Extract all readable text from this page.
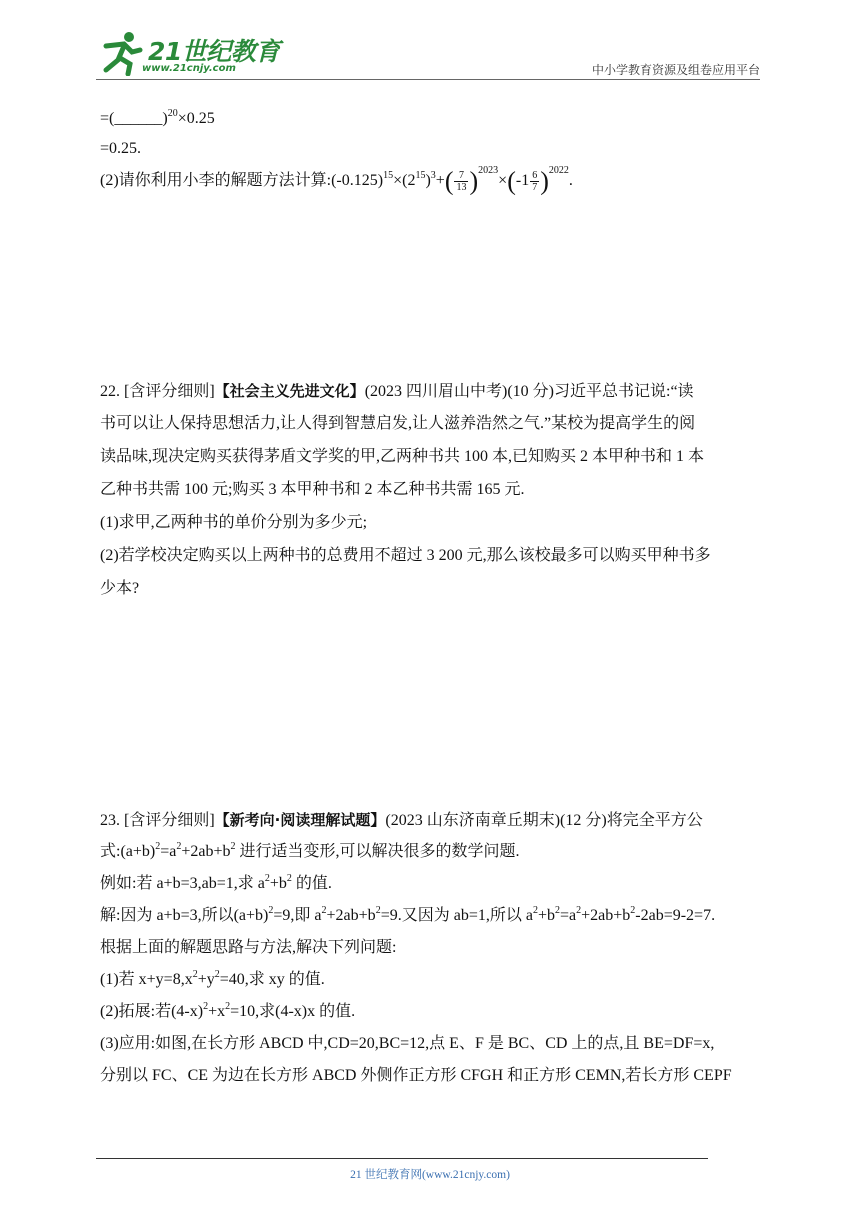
21世纪教育
www.21cnjy.com	中小学教育资源及组卷应用平台
=(______)$^{20}$×0.25
=0.25.
(2)请你利用小李的解题方法计算$:(-0.125)^{15}\times(2^{15})^3+( \frac{7}{13} )^{2023}\times(-1 \frac{6}{7} )^{2022}$.
22. [含评分细则]【社会主义先进文化】(2023 四川眉山中考)(10 分)习近平总书记说:“读
书可以让人保持思想活力,让人得到智慧启发,让人滋养浩然之气.”某校为提高学生的阅
读品味,现决定购买获得茅盾文学奖的甲,乙两种书共 100 本,已知购买 2 本甲种书和 1 本
乙种书共需 100 元;购买 3 本甲种书和 2 本乙种书共需 165 元.
(1)求甲,乙两种书的单价分别为多少元;
(2)若学校决定购买以上两种书的总费用不超过 3 200 元,那么该校最多可以购买甲种书多
少本?
23. [含评分细则]【新考向·阅读理解试题】(2023 山东济南章丘期末)(12 分)将完全平方公
式$:(a+b)^2=a^2+2ab+b^2$ 进行适当变形,可以解决很多的数学问题.
例如:若 a+b=3,ab=1,求 $a^2+b^2$ 的值.
解:因为 a+b=3,所以$(a+b)^2=9$,即 $a^2+2ab+b^2=9$.又因为 ab=1,所以 $a^2+b^2=a^2+2ab+b^2-2ab=9-2=7$.
根据上面的解题思路与方法,解决下列问题:
(1)若 $x+y=8,x^2+y^2=40$,求 xy 的值.
(2)拓展:若$(4-x)^2+x^2=10$,求(4-x)x 的值.
(3)应用:如图,在长方形 ABCD 中,CD=20,BC=12,点 E、F 是 BC、CD 上的点,且 BE=DF=x,
分别以 FC、CE 为边在长方形 ABCD 外侧作正方形 CFGH 和正方形 CEMN,若长方形 CEPF
21 世纪教育网(www.21cnjy.com)
